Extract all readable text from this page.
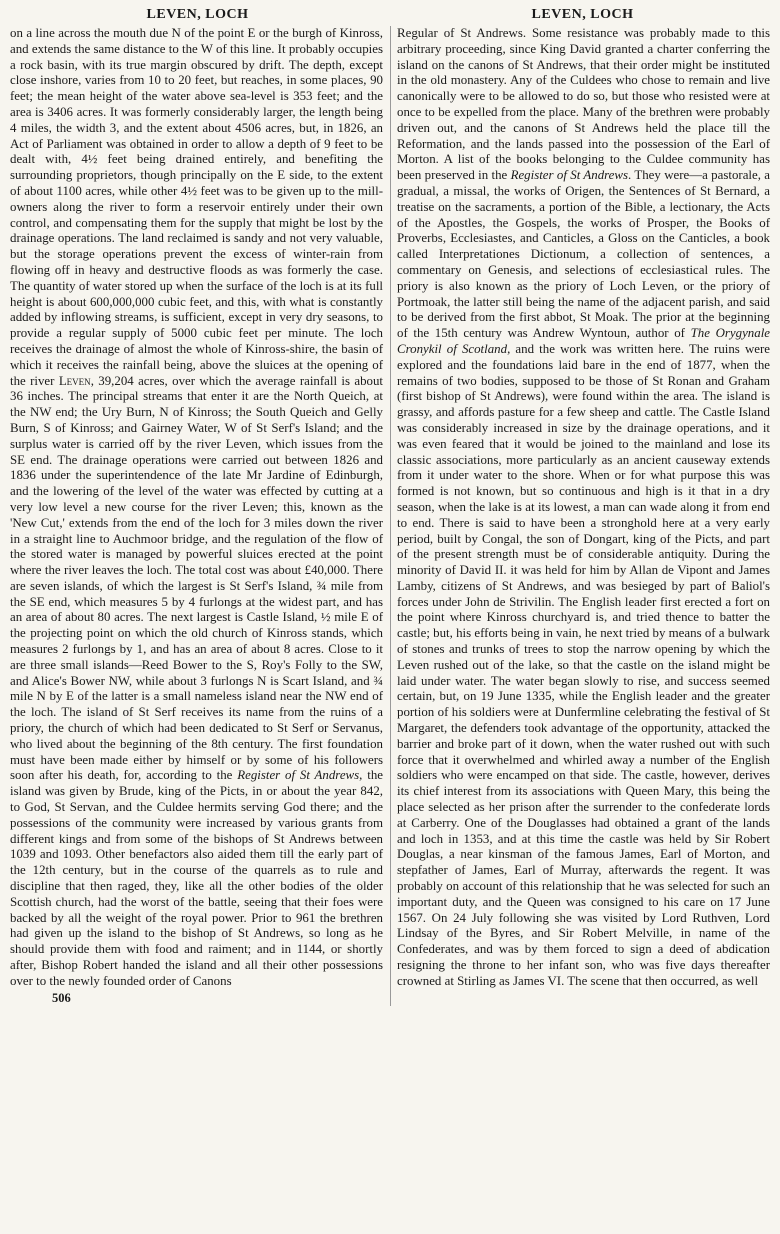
LEVEN, LOCH	LEVEN, LOCH

on a line across the mouth due N of the point E or the burgh of Kinross, and extends the same distance to the W of this line. It probably occupies a rock basin, with its true margin obscured by drift. The depth, except close inshore, varies from 10 to 20 feet, but reaches, in some places, 90 feet; the mean height of the water above sea-level is 353 feet; and the area is 3406 acres. It was formerly considerably larger, the length being 4 miles, the width 3, and the extent about 4506 acres, but, in 1826, an Act of Parliament was obtained in order to allow a depth of 9 feet to be dealt with, 4½ feet being drained entirely, and benefiting the surrounding proprietors, though principally on the E side, to the extent of about 1100 acres, while other 4½ feet was to be given up to the mill-owners along the river to form a reservoir entirely under their own control, and compensating them for the supply that might be lost by the drainage operations. The land reclaimed is sandy and not very valuable, but the storage operations prevent the excess of winter-rain from flowing off in heavy and destructive floods as was formerly the case. The quantity of water stored up when the surface of the loch is at its full height is about 600,000,000 cubic feet, and this, with what is constantly added by inflowing streams, is sufficient, except in very dry seasons, to provide a regular supply of 5000 cubic feet per minute. The loch receives the drainage of almost the whole of Kinross-shire, the basin of which it receives the rainfall being, above the sluices at the opening of the river Leven, 39,204 acres, over which the average rainfall is about 36 inches. The principal streams that enter it are the North Queich, at the NW end; the Ury Burn, N of Kinross; the South Queich and Gelly Burn, S of Kinross; and Gairney Water, W of St Serf's Island; and the surplus water is carried off by the river Leven, which issues from the SE end. The drainage operations were carried out between 1826 and 1836 under the superintendence of the late Mr Jardine of Edinburgh, and the lowering of the level of the water was effected by cutting at a very low level a new course for the river Leven; this, known as the 'New Cut,' extends from the end of the loch for 3 miles down the river in a straight line to Auchmoor bridge, and the regulation of the flow of the stored water is managed by powerful sluices erected at the point where the river leaves the loch. The total cost was about £40,000. There are seven islands, of which the largest is St Serf's Island, ¾ mile from the SE end, which measures 5 by 4 furlongs at the widest part, and has an area of about 80 acres. The next largest is Castle Island, ½ mile E of the projecting point on which the old church of Kinross stands, which measures 2 furlongs by 1, and has an area of about 8 acres. Close to it are three small islands—Reed Bower to the S, Roy's Folly to the SW, and Alice's Bower NW, while about 3 furlongs N is Scart Island, and ¾ mile N by E of the latter is a small nameless island near the NW end of the loch. The island of St Serf receives its name from the ruins of a priory, the church of which had been dedicated to St Serf or Servanus, who lived about the beginning of the 8th century. The first foundation must have been made either by himself or by some of his followers soon after his death, for, according to the Register of St Andrews, the island was given by Brude, king of the Picts, in or about the year 842, to God, St Servan, and the Culdee hermits serving God there; and the possessions of the community were increased by various grants from different kings and from some of the bishops of St Andrews between 1039 and 1093. Other benefactors also aided them till the early part of the 12th century, but in the course of the quarrels as to rule and discipline that then raged, they, like all the other bodies of the older Scottish church, had the worst of the battle, seeing that their foes were backed by all the weight of the royal power. Prior to 961 the brethren had given up the island to the bishop of St Andrews, so long as he should provide them with food and raiment; and in 1144, or shortly after, Bishop Robert handed the island and all their other possessions over to the newly founded order of Canons

506

Regular of St Andrews. Some resistance was probably made to this arbitrary proceeding, since King David granted a charter conferring the island on the canons of St Andrews, that their order might be instituted in the old monastery. Any of the Culdees who chose to remain and live canonically were to be allowed to do so, but those who resisted were at once to be expelled from the place. Many of the brethren were probably driven out, and the canons of St Andrews held the place till the Reformation, and the lands passed into the possession of the Earl of Morton. A list of the books belonging to the Culdee community has been preserved in the Register of St Andrews. They were—a pastorale, a gradual, a missal, the works of Origen, the Sentences of St Bernard, a treatise on the sacraments, a portion of the Bible, a lectionary, the Acts of the Apostles, the Gospels, the works of Prosper, the Books of Proverbs, Ecclesiastes, and Canticles, a Gloss on the Canticles, a book called Interpretationes Dictionum, a collection of sentences, a commentary on Genesis, and selections of ecclesiastical rules. The priory is also known as the priory of Loch Leven, or the priory of Portmoak, the latter still being the name of the adjacent parish, and said to be derived from the first abbot, St Moak. The prior at the beginning of the 15th century was Andrew Wyntoun, author of The Orygynale Cronykil of Scotland, and the work was written here. The ruins were explored and the foundations laid bare in the end of 1877, when the remains of two bodies, supposed to be those of St Ronan and Graham (first bishop of St Andrews), were found within the area. The island is grassy, and affords pasture for a few sheep and cattle. The Castle Island was considerably increased in size by the drainage operations, and it was even feared that it would be joined to the mainland and lose its classic associations, more particularly as an ancient causeway extends from it under water to the shore. When or for what purpose this was formed is not known, but so continuous and high is it that in a dry season, when the lake is at its lowest, a man can wade along it from end to end. There is said to have been a stronghold here at a very early period, built by Congal, the son of Dongart, king of the Picts, and part of the present strength must be of considerable antiquity. During the minority of David II. it was held for him by Allan de Vipont and James Lamby, citizens of St Andrews, and was besieged by part of Baliol's forces under John de Strivilin. The English leader first erected a fort on the point where Kinross churchyard is, and tried thence to batter the castle; but, his efforts being in vain, he next tried by means of a bulwark of stones and trunks of trees to stop the narrow opening by which the Leven rushed out of the lake, so that the castle on the island might be laid under water. The water began slowly to rise, and success seemed certain, but, on 19 June 1335, while the English leader and the greater portion of his soldiers were at Dunfermline celebrating the festival of St Margaret, the defenders took advantage of the opportunity, attacked the barrier and broke part of it down, when the water rushed out with such force that it overwhelmed and whirled away a number of the English soldiers who were encamped on that side. The castle, however, derives its chief interest from its associations with Queen Mary, this being the place selected as her prison after the surrender to the confederate lords at Carberry. One of the Douglasses had obtained a grant of the lands and loch in 1353, and at this time the castle was held by Sir Robert Douglas, a near kinsman of the famous James, Earl of Morton, and stepfather of James, Earl of Murray, afterwards the regent. It was probably on account of this relationship that he was selected for such an important duty, and the Queen was consigned to his care on 17 June 1567. On 24 July following she was visited by Lord Ruthven, Lord Lindsay of the Byres, and Sir Robert Melville, in name of the Confederates, and was by them forced to sign a deed of abdication resigning the throne to her infant son, who was five days thereafter crowned at Stirling as James VI. The scene that then occurred, as well
